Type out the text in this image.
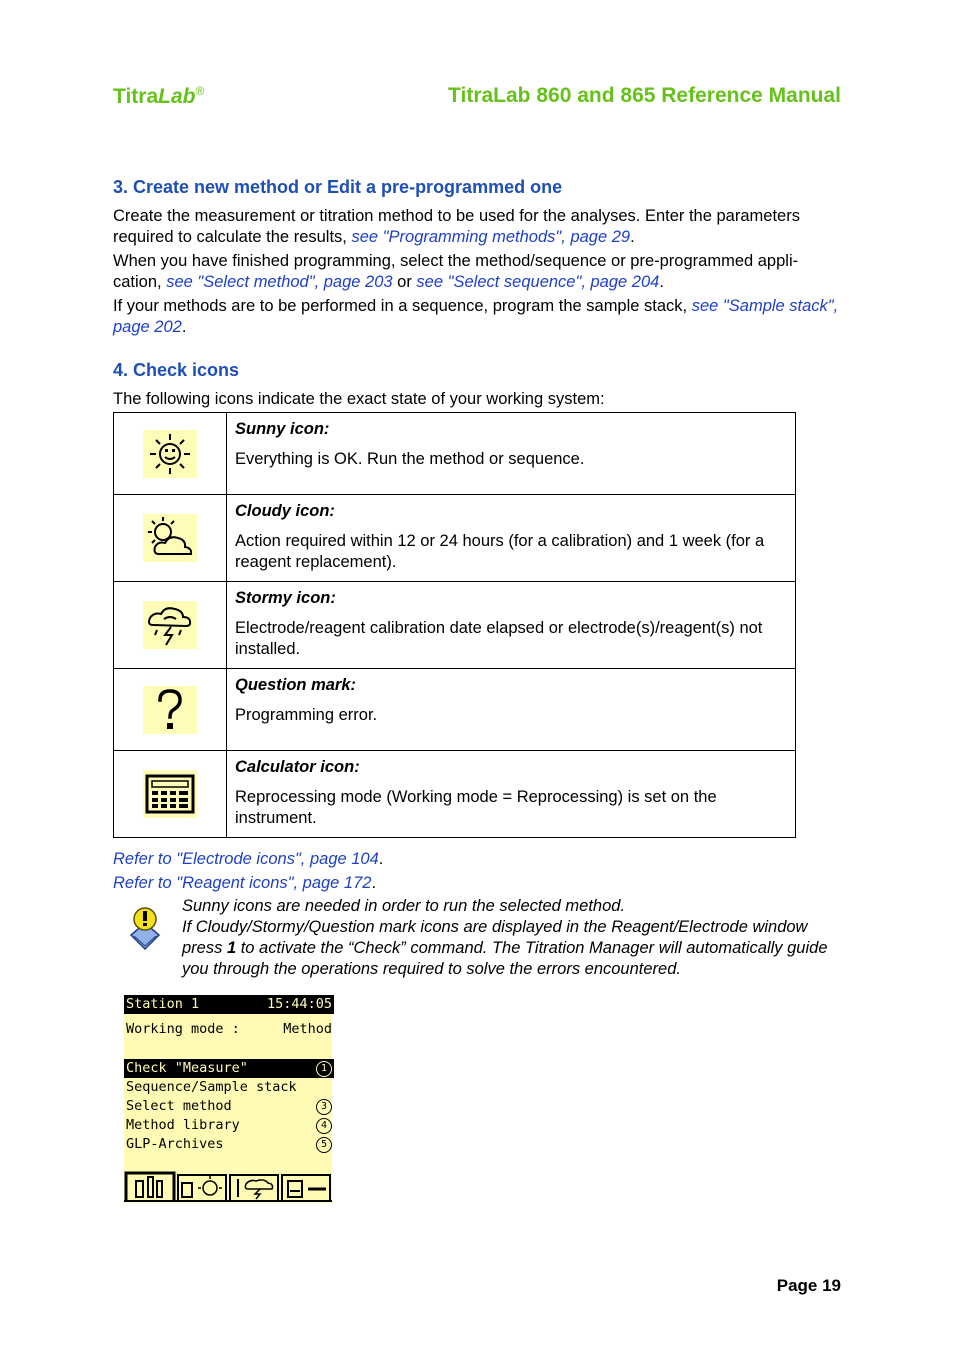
TitraLab®	TitraLab 860 and 865 Reference Manual
3. Create new method or Edit a pre-programmed one
Create the measurement or titration method to be used for the analyses. Enter the parameters required to calculate the results, see "Programming methods", page 29.
When you have finished programming, select the method/sequence or pre-programmed appli-cation, see "Select method", page 203 or see "Select sequence", page 204.
If your methods are to be performed in a sequence, program the sample stack, see "Sample stack", page 202.
4. Check icons
The following icons indicate the exact state of your working system:

Sunny icon:
Everything is OK. Run the method or sequence.

Cloudy icon:
Action required within 12 or 24 hours (for a calibration) and 1 week (for a reagent replacement).

Stormy icon:
Electrode/reagent calibration date elapsed or electrode(s)/reagent(s) not installed.

Question mark:
Programming error.

Calculator icon:
Reprocessing mode (Working mode = Reprocessing) is set on the instrument.
Refer to "Electrode icons", page 104.
Refer to "Reagent icons", page 172.
Sunny icons are needed in order to run the selected method.
If Cloudy/Stormy/Question mark icons are displayed in the Reagent/Electrode window press 1 to activate the “Check” command. The Titration Manager will automatically guide you through the operations required to solve the errors encountered.
Station 1	15:44:05
Working mode :	Method
Check "Measure"	1
Sequence/Sample stack
Select method	3
Method library	4
GLP-Archives	5
Page 19
